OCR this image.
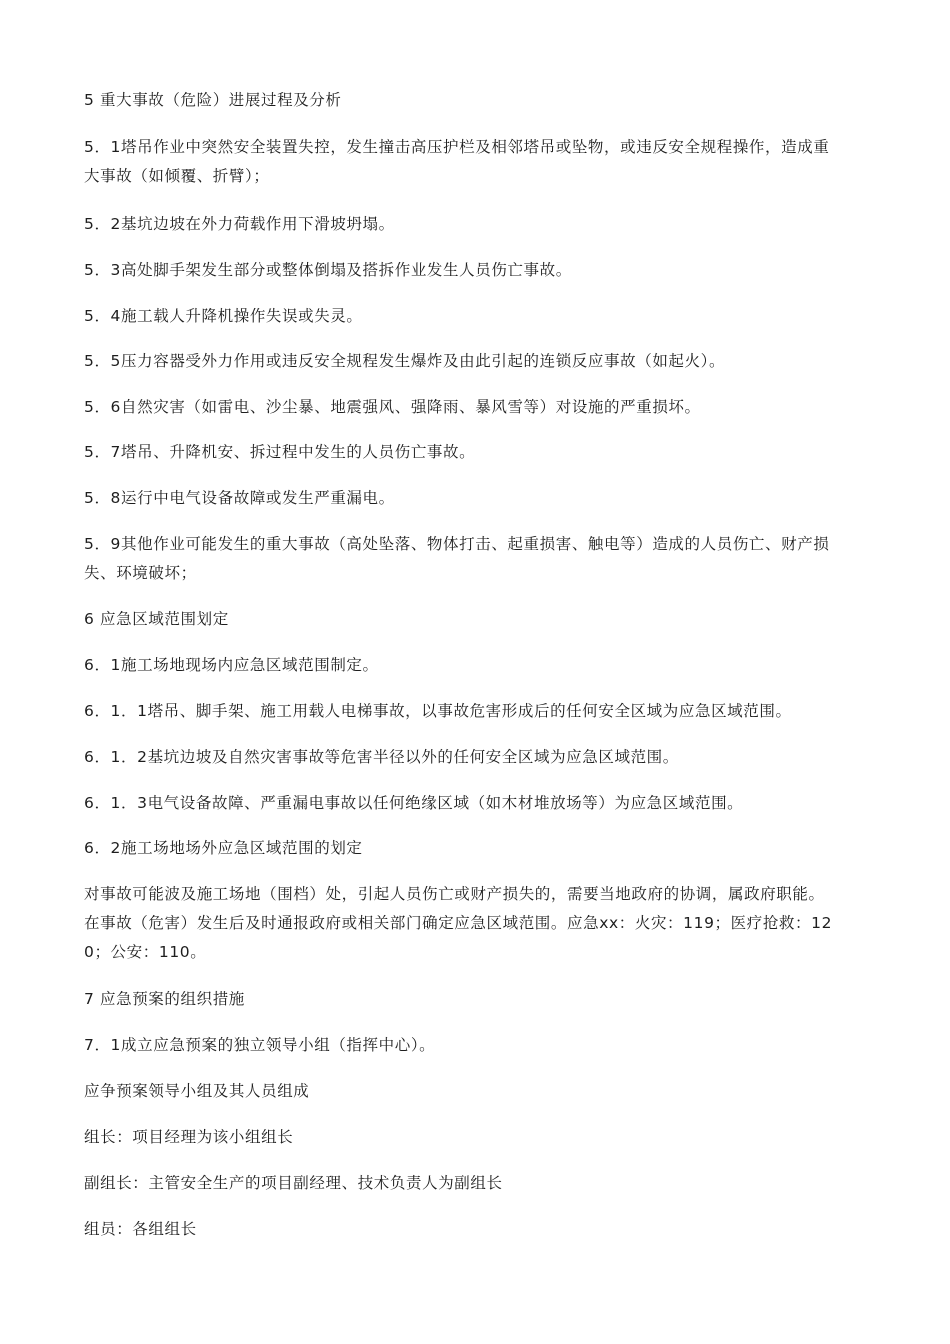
5 重大事故（危险）进展过程及分析

5．1塔吊作业中突然安全装置失控，发生撞击高压护栏及相邻塔吊或坠物，或违反安全规程操作，造成重大事故（如倾覆、折臂）；

5．2基坑边坡在外力荷载作用下滑坡坍塌。

5．3高处脚手架发生部分或整体倒塌及搭拆作业发生人员伤亡事故。

5．4施工载人升降机操作失误或失灵。

5．5压力容器受外力作用或违反安全规程发生爆炸及由此引起的连锁反应事故（如起火）。

5．6自然灾害（如雷电、沙尘暴、地震强风、强降雨、暴风雪等）对设施的严重损坏。

5．7塔吊、升降机安、拆过程中发生的人员伤亡事故。

5．8运行中电气设备故障或发生严重漏电。

5．9其他作业可能发生的重大事故（高处坠落、物体打击、起重损害、触电等）造成的人员伤亡、财产损失、环境破坏；

6 应急区域范围划定

6．1施工场地现场内应急区域范围制定。

6．1．1塔吊、脚手架、施工用载人电梯事故，以事故危害形成后的任何安全区域为应急区域范围。

6．1．2基坑边坡及自然灾害事故等危害半径以外的任何安全区域为应急区域范围。

6．1．3电气设备故障、严重漏电事故以任何绝缘区域（如木材堆放场等）为应急区域范围。

6．2施工场地场外应急区域范围的划定

对事故可能波及施工场地（围档）处，引起人员伤亡或财产损失的，需要当地政府的协调，属政府职能。在事故（危害）发生后及时通报政府或相关部门确定应急区域范围。应急xx：火灾：119；医疗抢救：120；公安：110。

7 应急预案的组织措施

7．1成立应急预案的独立领导小组（指挥中心）。

应争预案领导小组及其人员组成

组长：项目经理为该小组组长

副组长：主管安全生产的项目副经理、技术负责人为副组长

组员：各组组长
